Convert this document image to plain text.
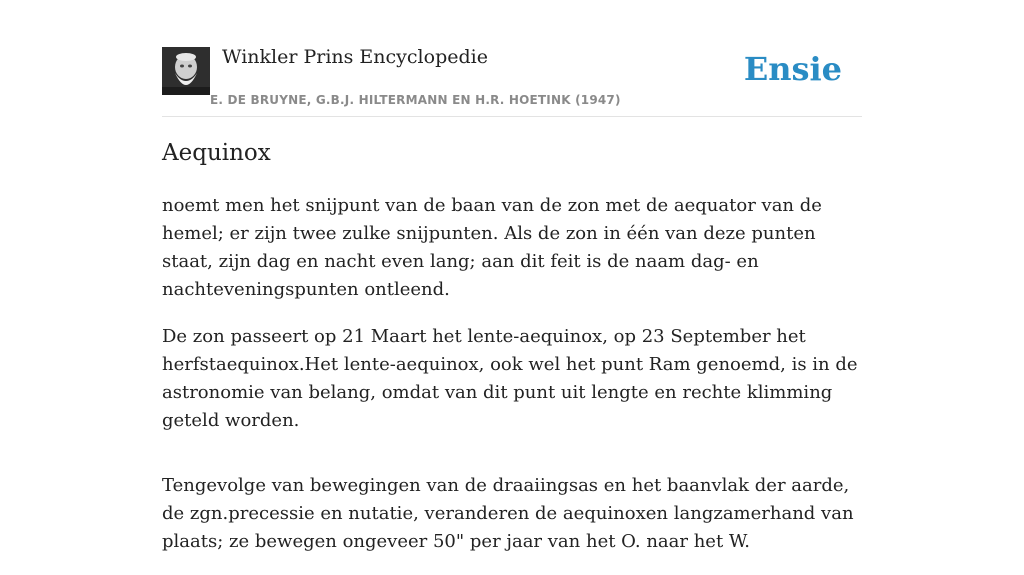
Winkler Prins Encyclopedie
E. DE BRUYNE, G.B.J. HILTERMANN EN H.R. HOETINK (1947)
Ensie
Aequinox

noemt men het snijpunt van de baan van de zon met de aequator van de hemel; er zijn twee zulke snijpunten. Als de zon in één van deze punten staat, zijn dag en nacht even lang; aan dit feit is de naam dag- en nachteveningspunten ontleend.

De zon passeert op 21 Maart het lente-aequinox, op 23 September het herfstaequinox.Het lente-aequinox, ook wel het punt Ram genoemd, is in de astronomie van belang, omdat van dit punt uit lengte en rechte klimming geteld worden.

Tengevolge van bewegingen van de draaiingsas en het baanvlak der aarde, de zgn.precessie en nutatie, veranderen de aequinoxen langzamerhand van plaats; ze bewegen ongeveer 50" per jaar van het O. naar het W.
